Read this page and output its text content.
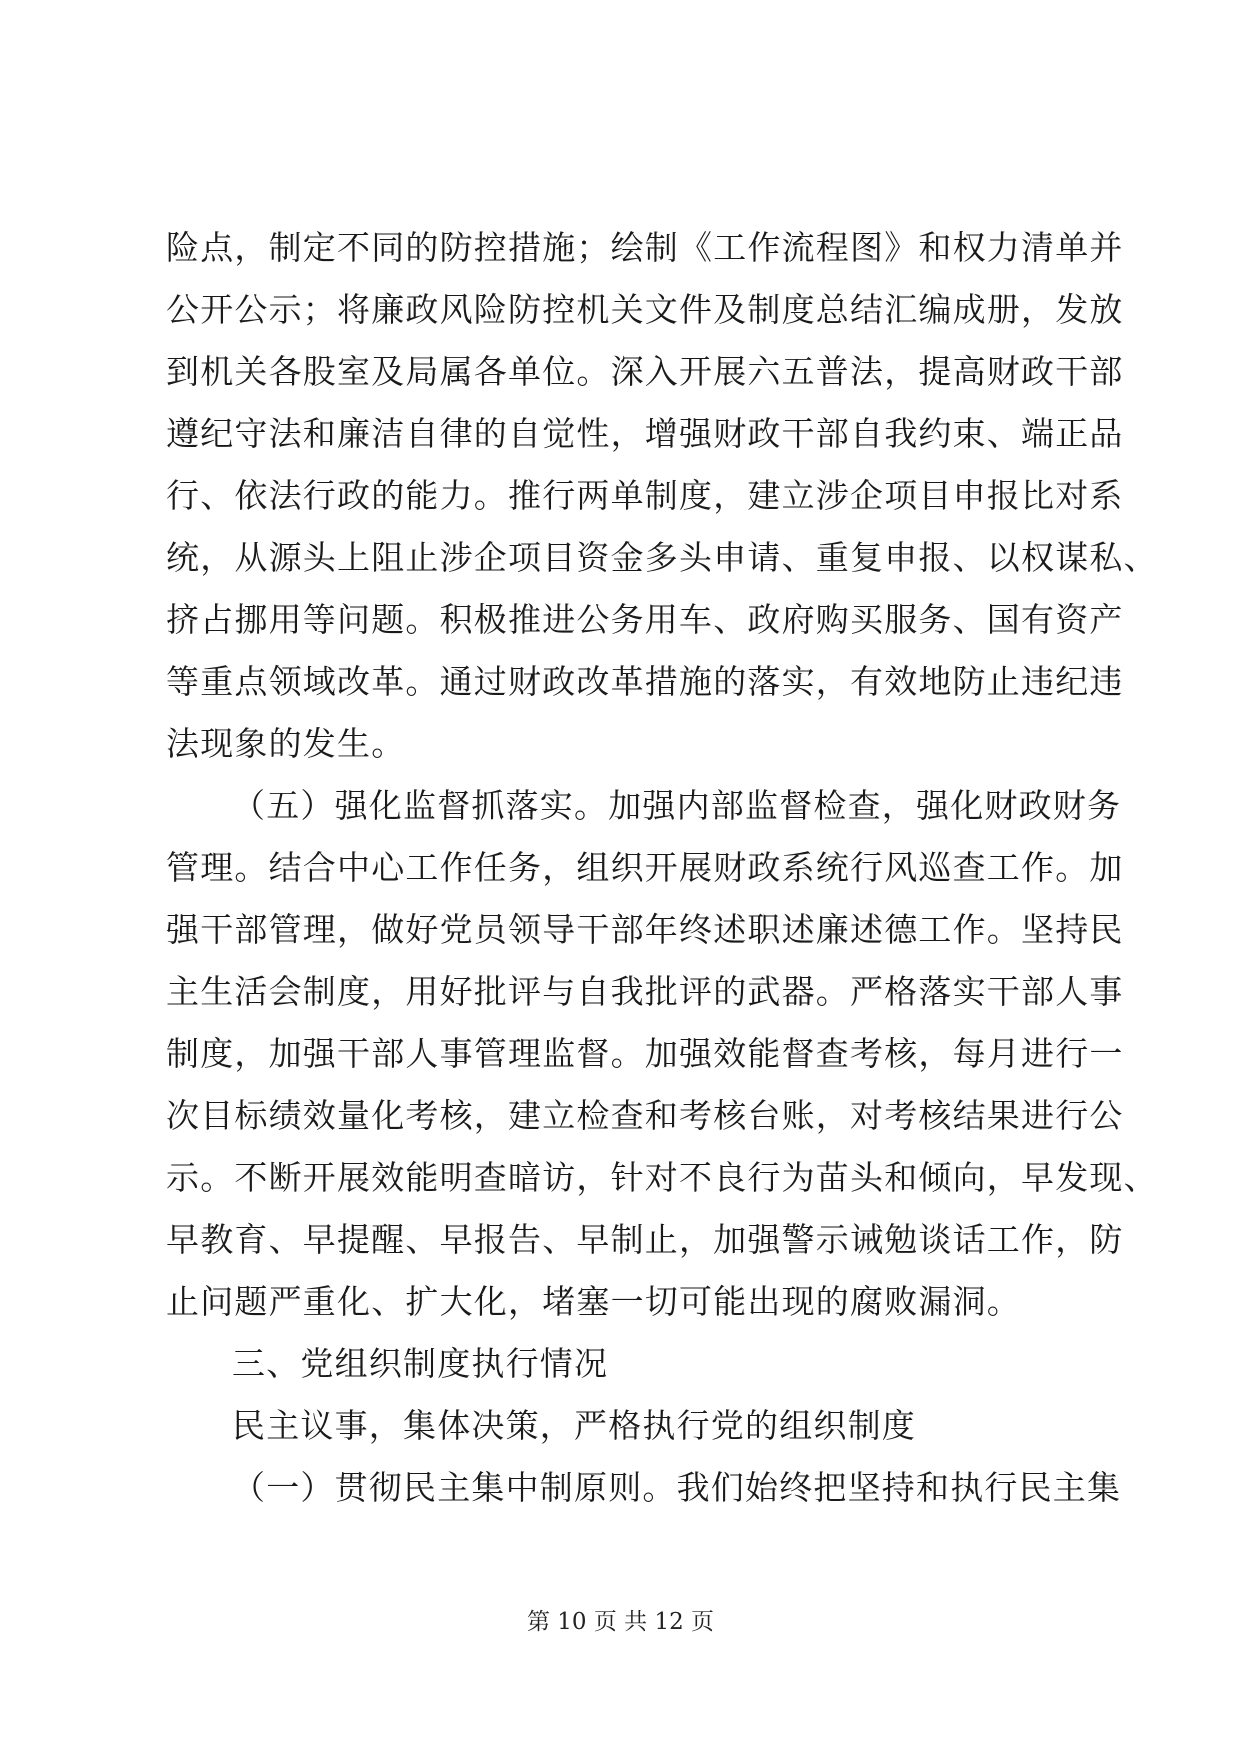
险点，制定不同的防控措施；绘制《工作流程图》和权力清单并
公开公示；将廉政风险防控机关文件及制度总结汇编成册，发放
到机关各股室及局属各单位。深入开展六五普法，提高财政干部
遵纪守法和廉洁自律的自觉性，增强财政干部自我约束、端正品
行、依法行政的能力。推行两单制度，建立涉企项目申报比对系
统，从源头上阻止涉企项目资金多头申请、重复申报、以权谋私、
挤占挪用等问题。积极推进公务用车、政府购买服务、国有资产
等重点领域改革。通过财政改革措施的落实，有效地防止违纪违
法现象的发生。
（五）强化监督抓落实。加强内部监督检查，强化财政财务
管理。结合中心工作任务，组织开展财政系统行风巡查工作。加
强干部管理，做好党员领导干部年终述职述廉述德工作。坚持民
主生活会制度，用好批评与自我批评的武器。严格落实干部人事
制度，加强干部人事管理监督。加强效能督查考核，每月进行一
次目标绩效量化考核，建立检查和考核台账，对考核结果进行公
示。不断开展效能明查暗访，针对不良行为苗头和倾向，早发现、
早教育、早提醒、早报告、早制止，加强警示诫勉谈话工作，防
止问题严重化、扩大化，堵塞一切可能出现的腐败漏洞。
三、党组织制度执行情况
民主议事，集体决策，严格执行党的组织制度
（一）贯彻民主集中制原则。我们始终把坚持和执行民主集
第 10 页 共 12 页
